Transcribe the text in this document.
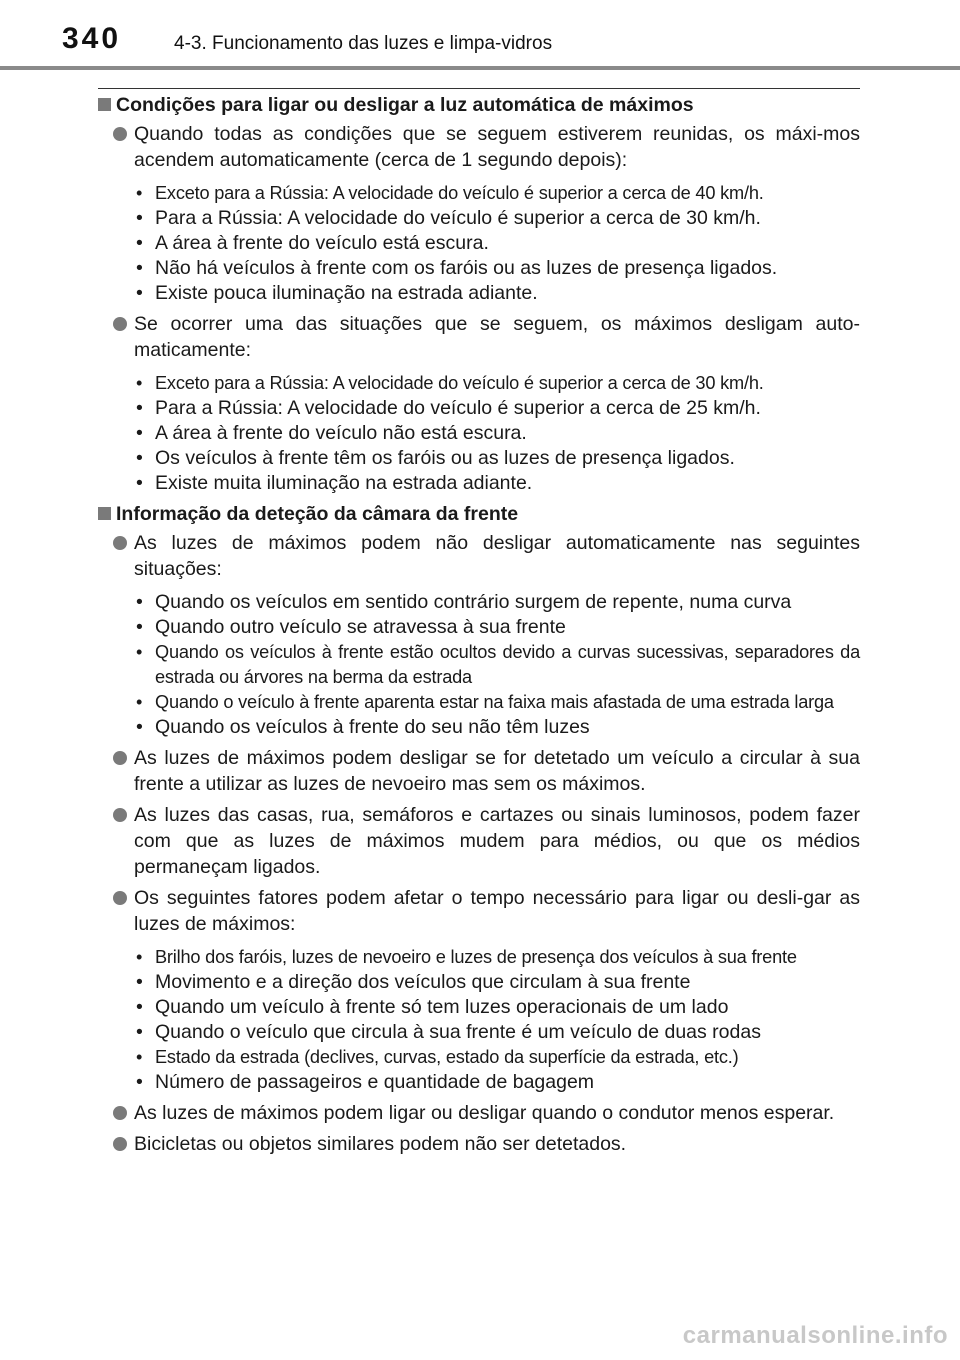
340	4-3. Funcionamento das luzes e limpa-vidros
Condições para ligar ou desligar a luz automática de máximos
Quando todas as condições que se seguem estiverem reunidas, os máxi-mos acendem automaticamente (cerca de 1 segundo depois):
• Exceto para a Rússia: A velocidade do veículo é superior a cerca de 40 km/h.
• Para a Rússia: A velocidade do veículo é superior a cerca de 30 km/h.
• A área à frente do veículo está escura.
• Não há veículos à frente com os faróis ou as luzes de presença ligados.
• Existe pouca iluminação na estrada adiante.
Se ocorrer uma das situações que se seguem, os máximos desligam auto-maticamente:
• Exceto para a Rússia: A velocidade do veículo é superior a cerca de 30 km/h.
• Para a Rússia: A velocidade do veículo é superior a cerca de 25 km/h.
• A área à frente do veículo não está escura.
• Os veículos à frente têm os faróis ou as luzes de presença ligados.
• Existe muita iluminação na estrada adiante.
Informação da deteção da câmara da frente
As luzes de máximos podem não desligar automaticamente nas seguintes situações:
• Quando os veículos em sentido contrário surgem de repente, numa curva
• Quando outro veículo se atravessa à sua frente
• Quando os veículos à frente estão ocultos devido a curvas sucessivas, separadores da estrada ou árvores na berma da estrada
• Quando o veículo à frente aparenta estar na faixa mais afastada de uma estrada larga
• Quando os veículos à frente do seu não têm luzes
As luzes de máximos podem desligar se for detetado um veículo a circular à sua frente a utilizar as luzes de nevoeiro mas sem os máximos.
As luzes das casas, rua, semáforos e cartazes ou sinais luminosos, podem fazer com que as luzes de máximos mudem para médios, ou que os médios permaneçam ligados.
Os seguintes fatores podem afetar o tempo necessário para ligar ou desli-gar as luzes de máximos:
• Brilho dos faróis, luzes de nevoeiro e luzes de presença dos veículos à sua frente
• Movimento e a direção dos veículos que circulam à sua frente
• Quando um veículo à frente só tem luzes operacionais de um lado
• Quando o veículo que circula à sua frente é um veículo de duas rodas
• Estado da estrada (declives, curvas, estado da superfície da estrada, etc.)
• Número de passageiros e quantidade de bagagem
As luzes de máximos podem ligar ou desligar quando o condutor menos esperar.
Bicicletas ou objetos similares podem não ser detetados.
carmanualsonline.info
